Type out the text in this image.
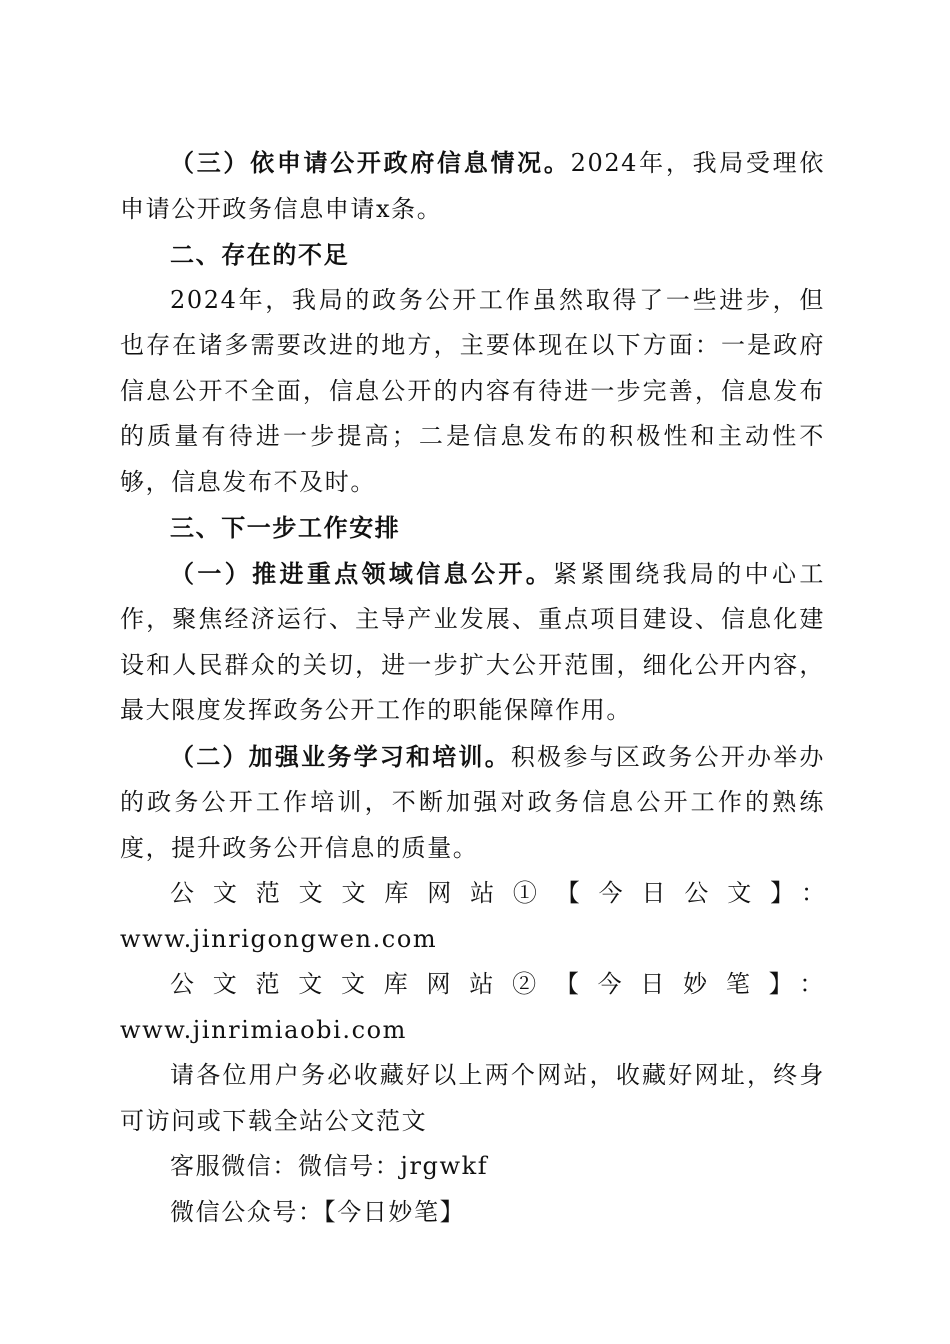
（三）依申请公开政府信息情况。2024年，我局受理依申请公开政务信息申请x条。

二、存在的不足

2024年，我局的政务公开工作虽然取得了一些进步，但也存在诸多需要改进的地方，主要体现在以下方面：一是政府信息公开不全面，信息公开的内容有待进一步完善，信息发布的质量有待进一步提高；二是信息发布的积极性和主动性不够，信息发布不及时。

三、下一步工作安排

（一）推进重点领域信息公开。紧紧围绕我局的中心工作，聚焦经济运行、主导产业发展、重点项目建设、信息化建设和人民群众的关切，进一步扩大公开范围，细化公开内容，最大限度发挥政务公开工作的职能保障作用。

（二）加强业务学习和培训。积极参与区政务公开办举办的政务公开工作培训，不断加强对政务信息公开工作的熟练度，提升政务公开信息的质量。

公文范文文库网站①【今日公文】：

www.jinrigongwen.com

公文范文文库网站②【今日妙笔】：www.jinrimiaobi.com

请各位用户务必收藏好以上两个网站，收藏好网址，终身可访问或下载全站公文范文

客服微信：微信号：jrgwkf

微信公众号：【今日妙笔】
